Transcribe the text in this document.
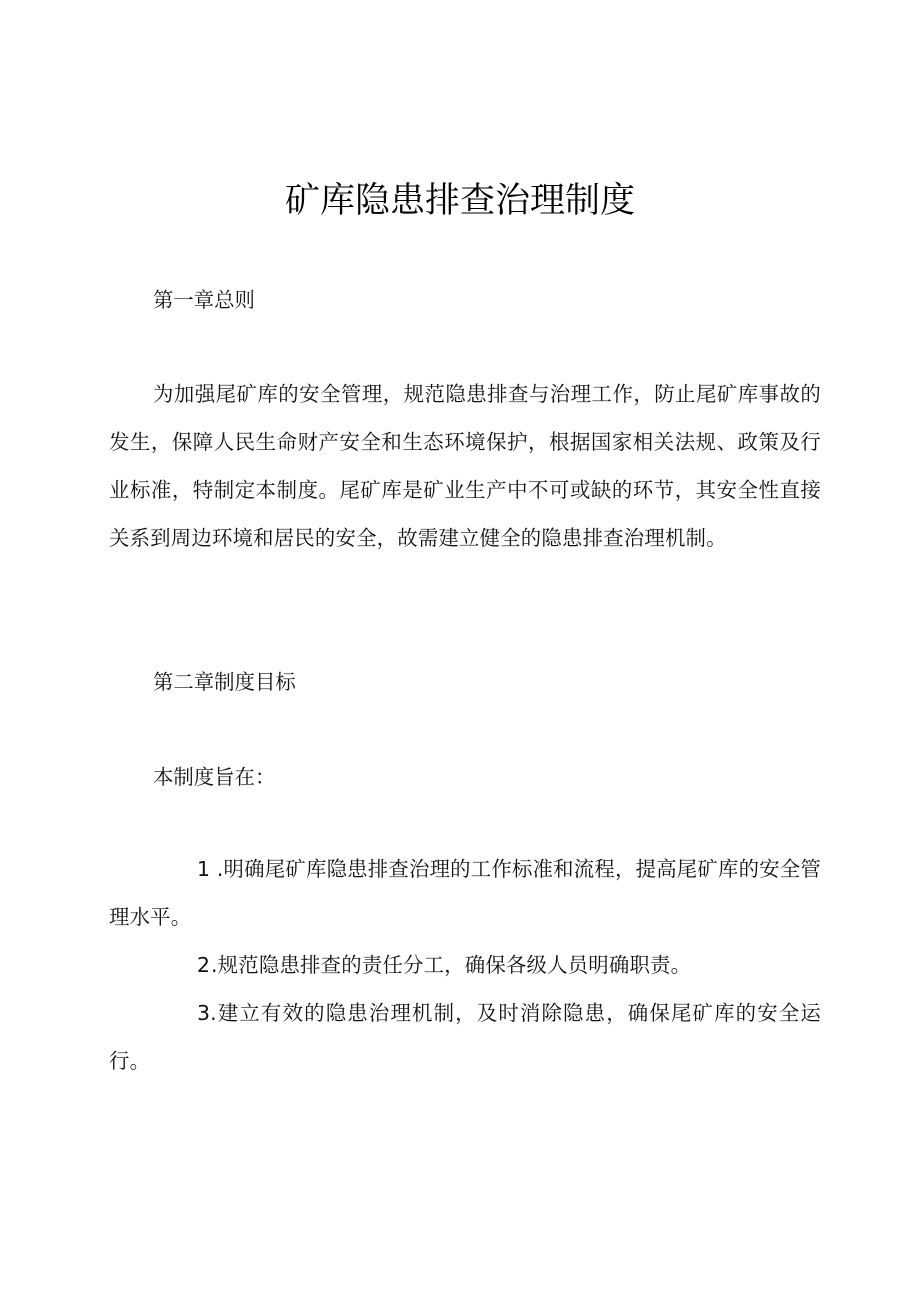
矿库隐患排查治理制度

第一章总则

为加强尾矿库的安全管理，规范隐患排查与治理工作，防止尾矿库事故的发生，保障人民生命财产安全和生态环境保护，根据国家相关法规、政策及行业标准，特制定本制度。尾矿库是矿业生产中不可或缺的环节，其安全性直接关系到周边环境和居民的安全，故需建立健全的隐患排查治理机制。

第二章制度目标

本制度旨在：

1 .明确尾矿库隐患排查治理的工作标准和流程，提高尾矿库的安全管理水平。

2.规范隐患排查的责任分工，确保各级人员明确职责。

3.建立有效的隐患治理机制，及时消除隐患，确保尾矿库的安全运行。
